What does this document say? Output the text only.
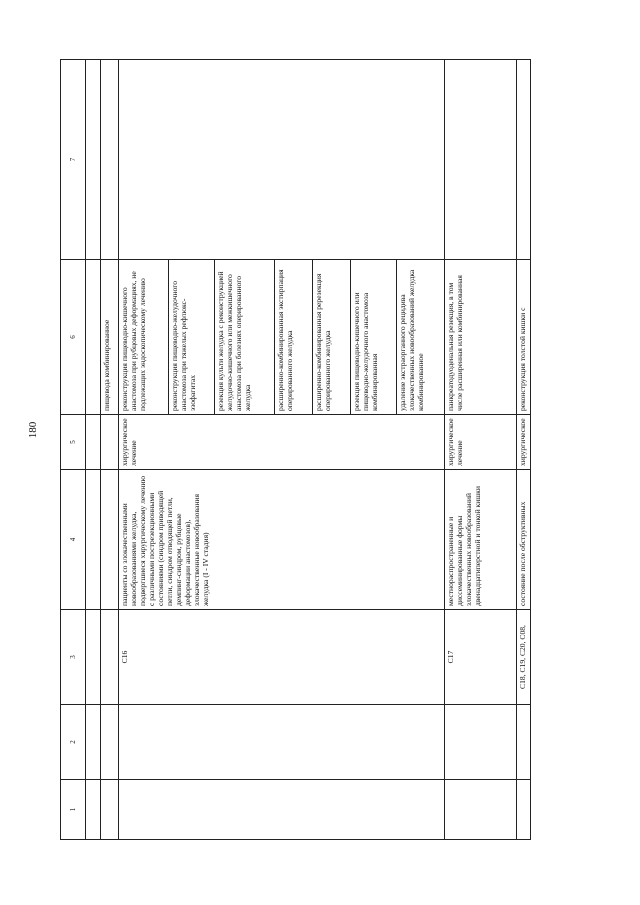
180
1	2	3	4	5	6	7

					пищевода комбинированное	
		C16	пациенты со злокачественными новообразованиями желудка, подвергшиеся хирургическому лечению с различными пострезекционными состояниями (синдром приводящей петли, синдром отводящей петли, демпинг-синдром, рубцовые деформации анастомозов), злокачественные новообразования желудка (I - IV стадия)	хирургическое лечение	реконструкция пищеводно-кишечного анастомоза при рубцовых деформациях, не подлежащих эндоскопическому лечению	
					реконструкция пищеводно-желудочного анастомоза при тяжелых рефлюкс-эзофагитах	
					резекция культи желудка с реконструкцией желудочно-кишечного или межкишечного анастомоза при болезнях оперированного желудка	
					расширенно-комбинированная экстирпация оперированного желудка	
					расширенно-комбинированная ререзекция оперированного желудка	
					резекция пищеводно-кишечного или пищеводно-желудочного анастомоза комбинированная	
					удаление экстраорганного рецидива злокачественных новообразований желудка комбинированное	
		C17	местнораспространенные и диссеминированные формы злокачественных новообразований двенадцатиперстной и тонкой кишки	хирургическое лечение	панкреатодуоденальная резекция, в том числе расширенная или комбинированная	
		C18, C19, C20, C08,	состояние после обструктивных	хирургическое	реконструкция толстой кишки с	
